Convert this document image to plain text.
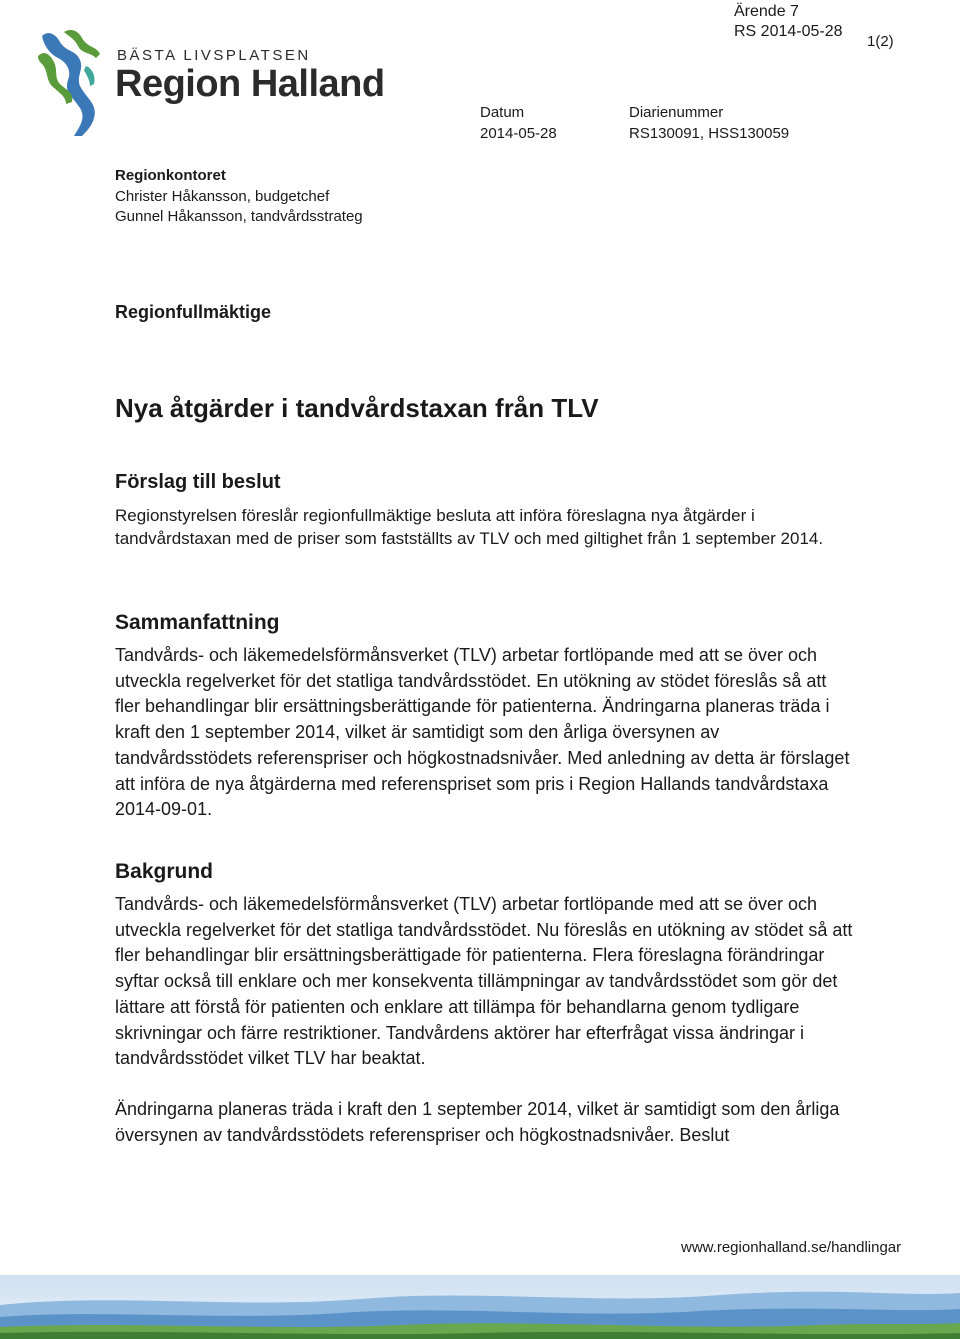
BÄSTA LIVSPLATSEN
Region Halland
Ärende 7
RS 2014-05-28
1(2)
Datum
2014-05-28
Diarienummer
RS130091, HSS130059
Regionkontoret
Christer Håkansson, budgetchef
Gunnel Håkansson, tandvårdsstrateg
Regionfullmäktige
Nya åtgärder i tandvårdstaxan från TLV
Förslag till beslut

Regionstyrelsen föreslår regionfullmäktige besluta att införa föreslagna nya åtgärder i tandvårdstaxan med de priser som fastställts av TLV och med giltighet från 1 september 2014.

Sammanfattning

Tandvårds- och läkemedelsförmånsverket (TLV) arbetar fortlöpande med att se över och utveckla regelverket för det statliga tandvårdsstödet. En utökning av stödet föreslås så att fler behandlingar blir ersättningsberättigande för patienterna. Ändringarna planeras träda i kraft den 1 september 2014, vilket är samtidigt som den årliga översynen av tandvårdsstödets referenspriser och högkostnadsnivåer. Med anledning av detta är förslaget att införa de nya åtgärderna med referenspriset som pris i Region Hallands tandvårdstaxa 2014-09-01.

Bakgrund

Tandvårds- och läkemedelsförmånsverket (TLV) arbetar fortlöpande med att se över och utveckla regelverket för det statliga tandvårdsstödet. Nu föreslås en utökning av stödet så att fler behandlingar blir ersättningsberättigade för patienterna. Flera föreslagna förändringar syftar också till enklare och mer konsekventa tillämpningar av tandvårdsstödet som gör det lättare att förstå för patienten och enklare att tillämpa för behandlarna genom tydligare skrivningar och färre restriktioner. Tandvårdens aktörer har efterfrågat vissa ändringar i tandvårdsstödet vilket TLV har beaktat.

Ändringarna planeras träda i kraft den 1 september 2014, vilket är samtidigt som den årliga översynen av tandvårdsstödets referenspriser och högkostnadsnivåer. Beslut

www.regionhalland.se/handlingar
